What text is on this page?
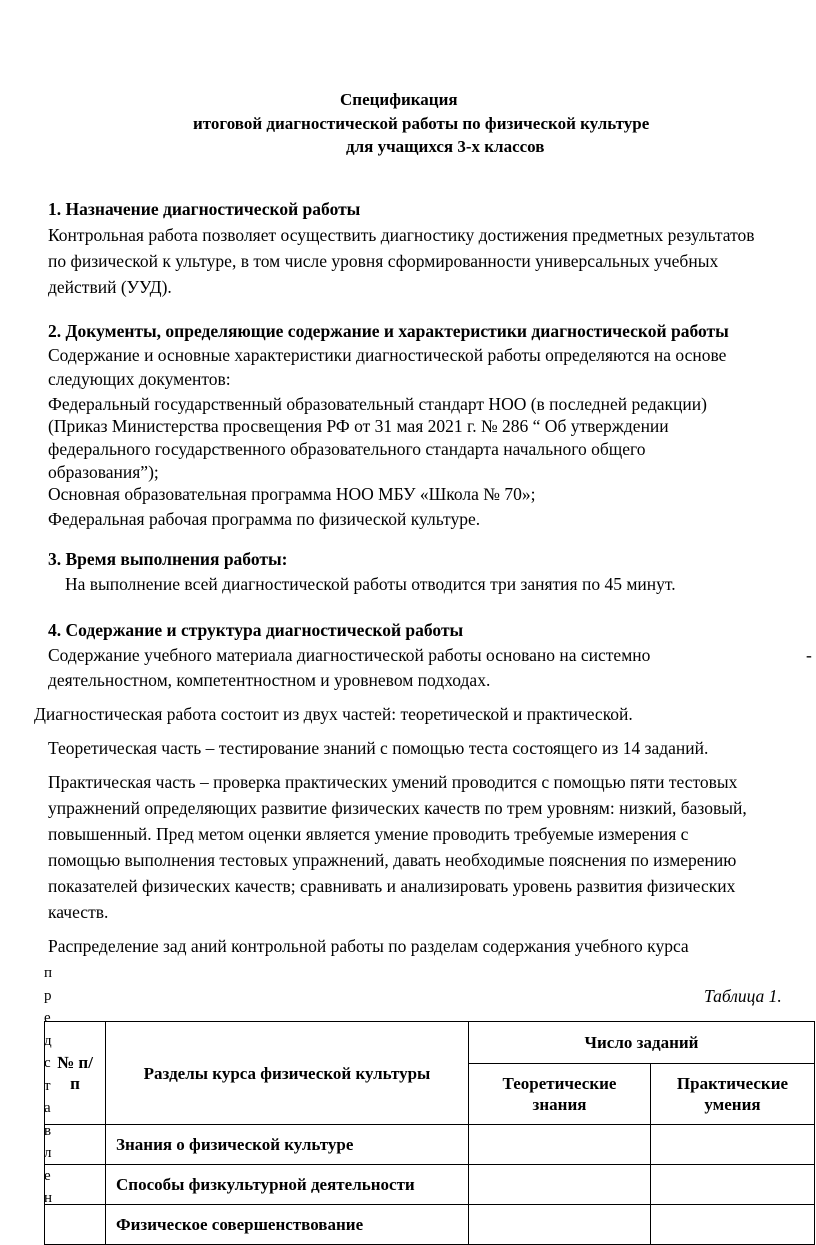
Спецификация
итоговой диагностической работы по физической культуре
для учащихся 3-х классов
1. Назначение диагностической работы
Контрольная работа позволяет осуществить диагностику достижения предметных результатов
по физической к ультуре, в том числе уровня сформированности универсальных учебных
действий (УУД).
2. Документы, определяющие содержание и характеристики диагностической работы
Содержание и основные характеристики диагностической работы определяются на основе
следующих документов:
Федеральный государственный образовательный стандарт НОО (в последней редакции)
(Приказ Министерства просвещения РФ от 31 мая 2021 г. № 286 “ Об утверждении
федерального государственного образовательного стандарта начального общего
образования”);
Основная образовательная программа НОО МБУ «Школа № 70»;
Федеральная рабочая программа по физической культуре.
3. Время выполнения работы:
На выполнение всей диагностической работы отводится три занятия по 45 минут.
4. Содержание и структура диагностической работы
Содержание учебного материала диагностической работы основано на системно	-
деятельностном, компетентностном и уровневом подходах.
Диагностическая работа состоит из двух частей: теоретической и практической.
Теоретическая часть – тестирование знаний с помощью теста состоящего из 14 заданий.
Практическая часть – проверка практических умений проводится с помощью пяти тестовых
упражнений определяющих развитие физических качеств по трем уровням: низкий, базовый,
повышенный. Пред метом оценки является умение проводить требуемые измерения с
помощью выполнения тестовых упражнений, давать необходимые пояснения по измерению
показателей физических качеств; сравнивать и анализировать уровень развития физических
качеств.
Распределение зад аний контрольной работы по разделам содержания учебного курса
Таблица 1.
№ п/п	Разделы курса физической культуры	Число заданий	

		Теоретические знания	Практические умения

	Знания о физической культуре		
	Способы физкультурной деятельности		
	Физическое совершенствование		
п
р
е
д
с
т
а
в
л
е
н
